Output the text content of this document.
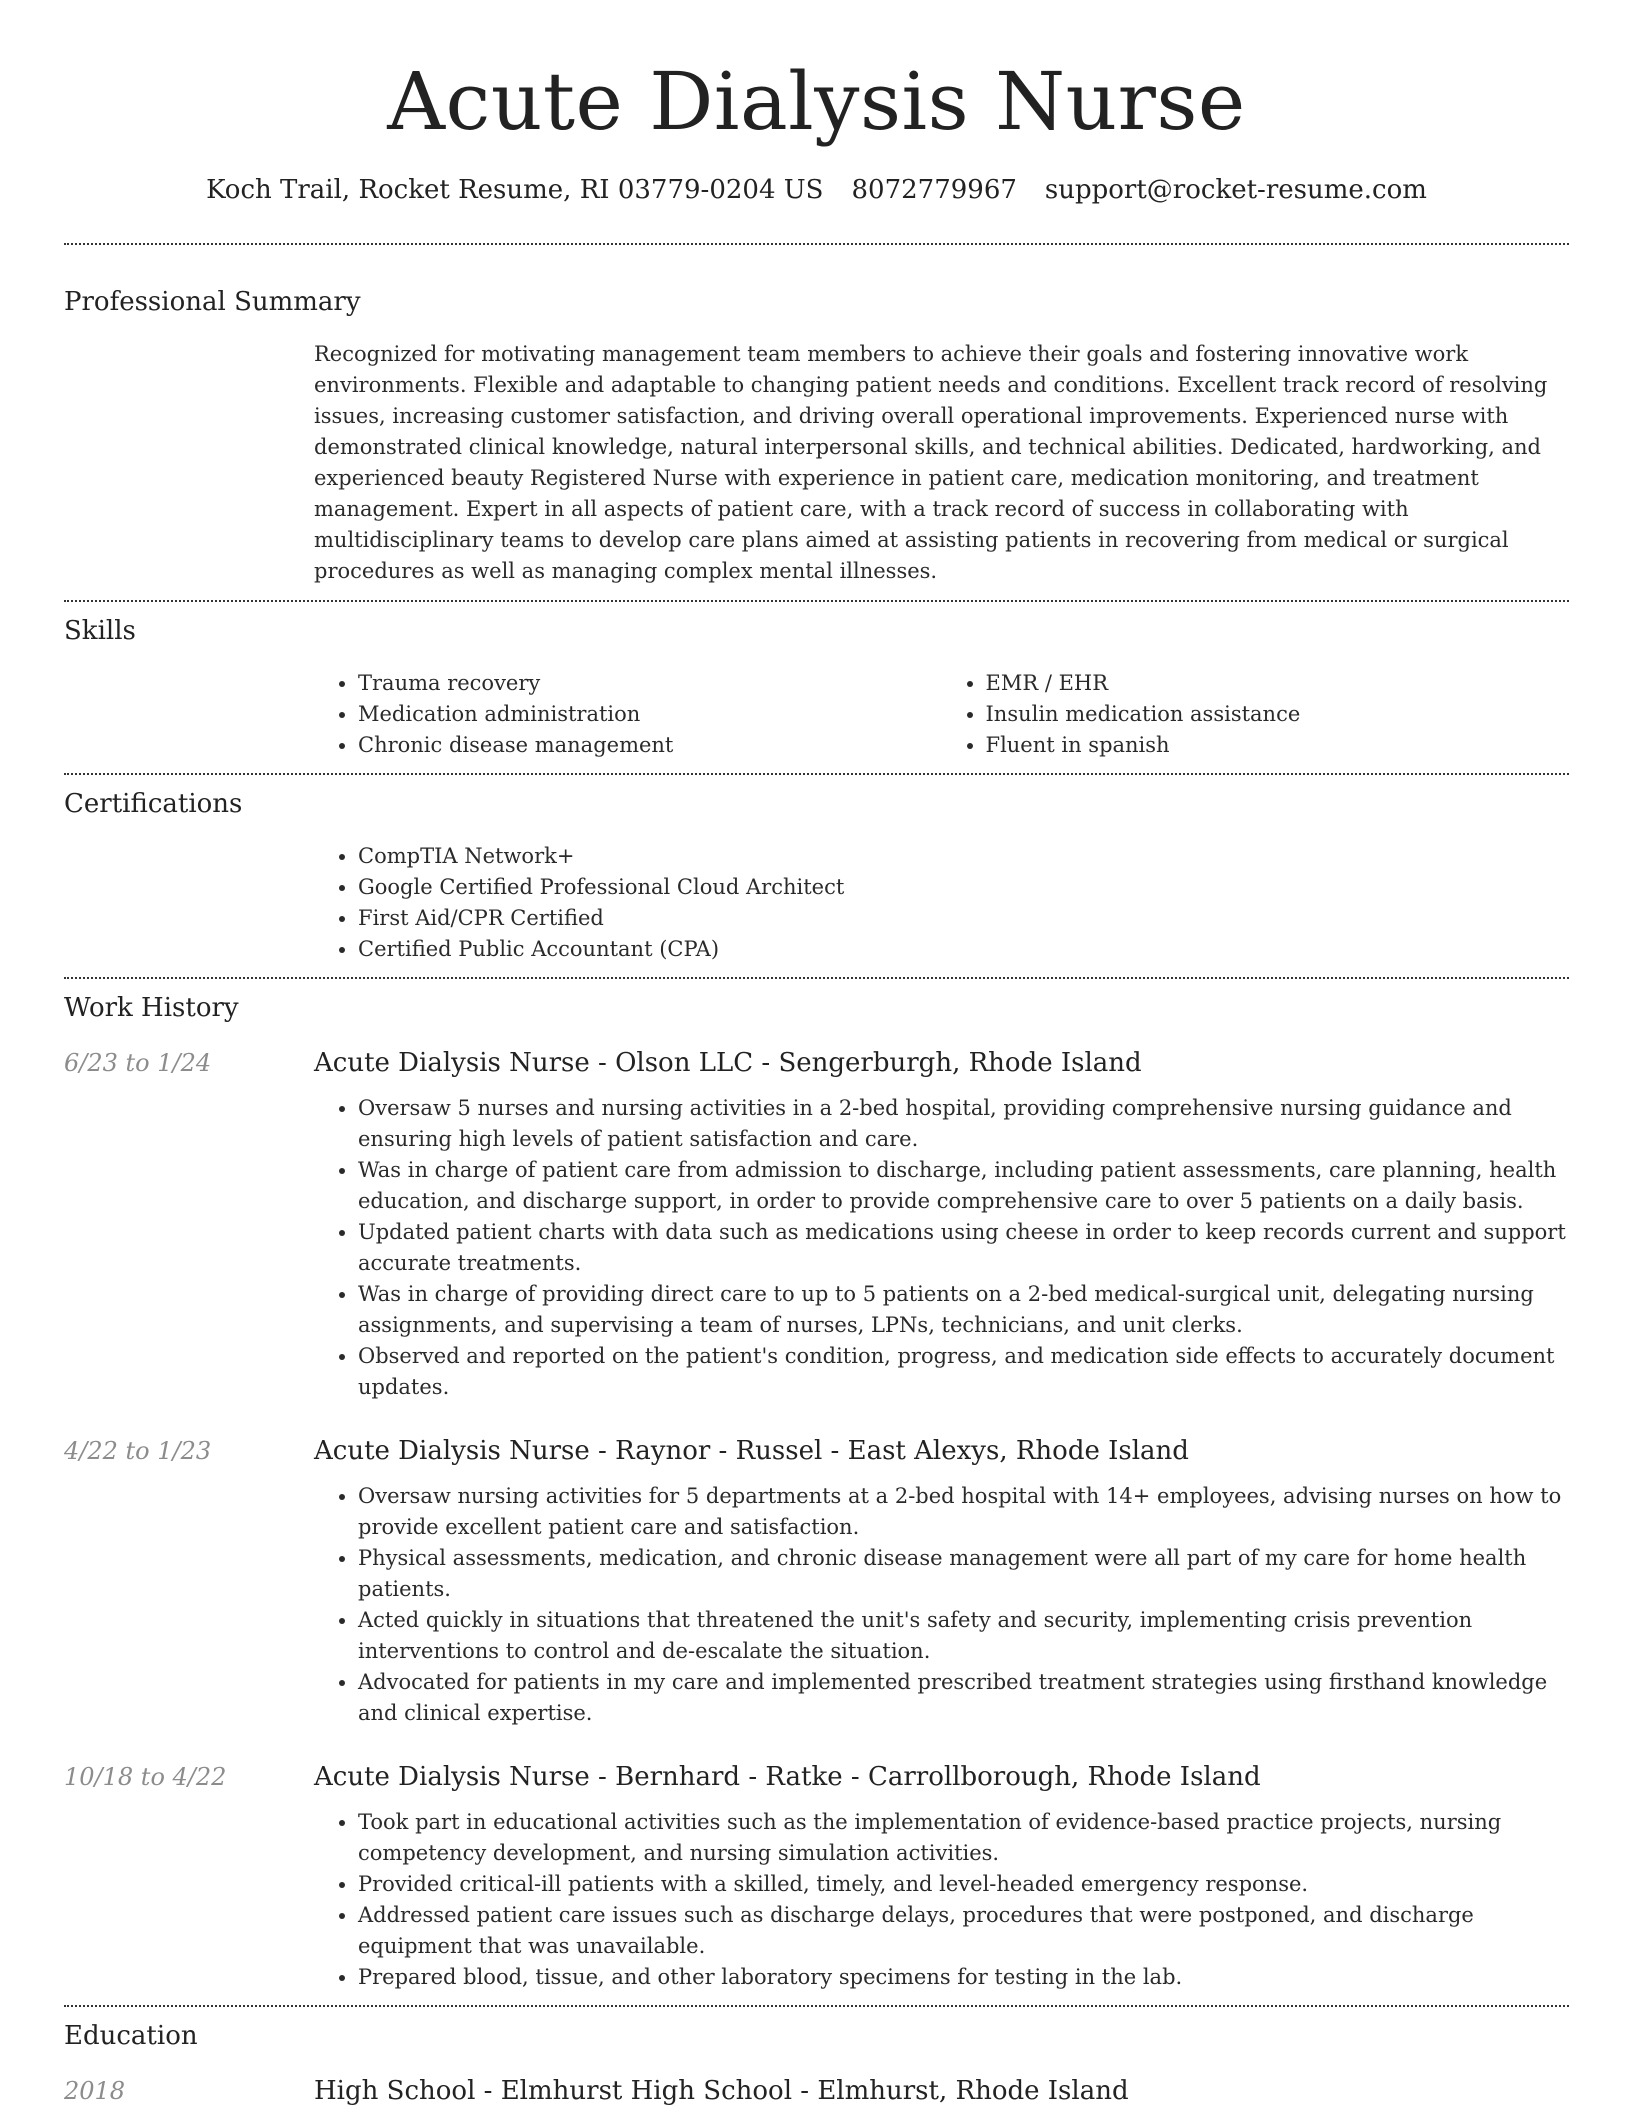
Acute Dialysis Nurse
Koch Trail, Rocket Resume, RI 03779-0204 US 8072779967 support@rocket-resume.com
Professional Summary

Recognized for motivating management team members to achieve their goals and fostering innovative work environments. Flexible and adaptable to changing patient needs and conditions. Excellent track record of resolving issues, increasing customer satisfaction, and driving overall operational improvements. Experienced nurse with demonstrated clinical knowledge, natural interpersonal skills, and technical abilities. Dedicated, hardworking, and experienced beauty Registered Nurse with experience in patient care, medication monitoring, and treatment management. Expert in all aspects of patient care, with a track record of success in collaborating with multidisciplinary teams to develop care plans aimed at assisting patients in recovering from medical or surgical procedures as well as managing complex mental illnesses.

Skills
• Trauma recovery
• Medication administration
• Chronic disease management
• EMR / EHR
• Insulin medication assistance
• Fluent in spanish
Certifications
• CompTIA Network+
• Google Certified Professional Cloud Architect
• First Aid/CPR Certified
• Certified Public Accountant (CPA)
Work History
6/23 to 1/24	Acute Dialysis Nurse - Olson LLC - Sengerburgh, Rhode Island
• Oversaw 5 nurses and nursing activities in a 2-bed hospital, providing comprehensive nursing guidance and ensuring high levels of patient satisfaction and care.
• Was in charge of patient care from admission to discharge, including patient assessments, care planning, health education, and discharge support, in order to provide comprehensive care to over 5 patients on a daily basis.
• Updated patient charts with data such as medications using cheese in order to keep records current and support accurate treatments.
• Was in charge of providing direct care to up to 5 patients on a 2-bed medical-surgical unit, delegating nursing assignments, and supervising a team of nurses, LPNs, technicians, and unit clerks.
• Observed and reported on the patient's condition, progress, and medication side effects to accurately document updates.
4/22 to 1/23	Acute Dialysis Nurse - Raynor - Russel - East Alexys, Rhode Island
• Oversaw nursing activities for 5 departments at a 2-bed hospital with 14+ employees, advising nurses on how to provide excellent patient care and satisfaction.
• Physical assessments, medication, and chronic disease management were all part of my care for home health patients.
• Acted quickly in situations that threatened the unit's safety and security, implementing crisis prevention interventions to control and de-escalate the situation.
• Advocated for patients in my care and implemented prescribed treatment strategies using firsthand knowledge and clinical expertise.
10/18 to 4/22	Acute Dialysis Nurse - Bernhard - Ratke - Carrollborough, Rhode Island
• Took part in educational activities such as the implementation of evidence-based practice projects, nursing competency development, and nursing simulation activities.
• Provided critical-ill patients with a skilled, timely, and level-headed emergency response.
• Addressed patient care issues such as discharge delays, procedures that were postponed, and discharge equipment that was unavailable.
• Prepared blood, tissue, and other laboratory specimens for testing in the lab.
Education
2018	High School - Elmhurst High School - Elmhurst, Rhode Island
